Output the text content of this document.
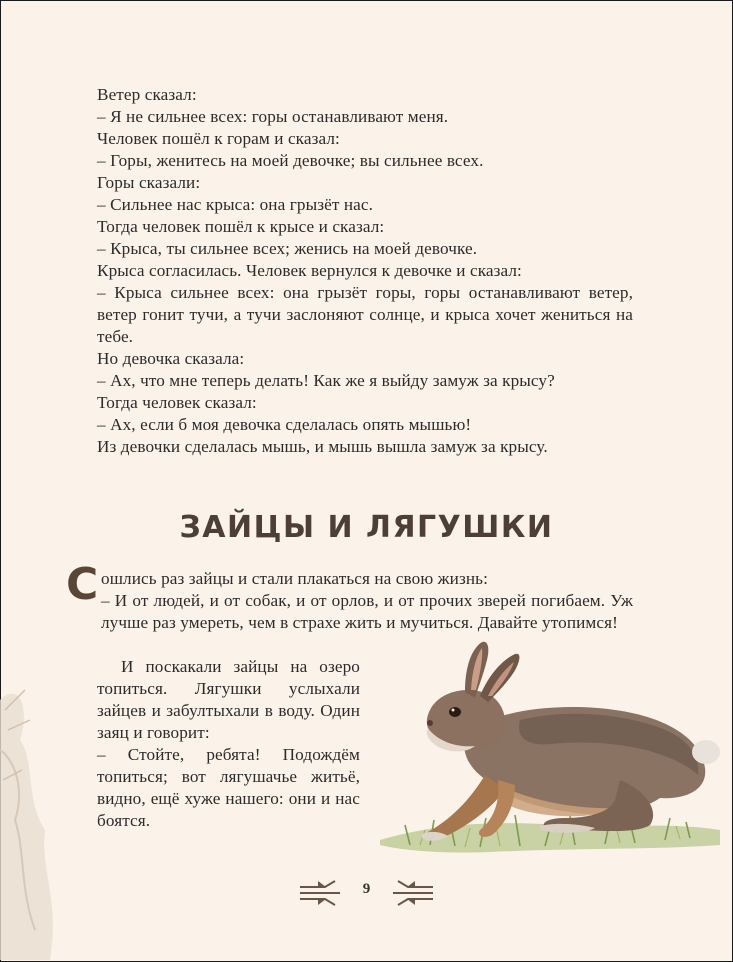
Ветер сказал:
– Я не сильнее всех: горы останавливают меня.
Человек пошёл к горам и сказал:
– Горы, женитесь на моей девочке; вы сильнее всех.
Горы сказали:
– Сильнее нас крыса: она грызёт нас.
Тогда человек пошёл к крысе и сказал:
– Крыса, ты сильнее всех; женись на моей девочке.
Крыса согласилась. Человек вернулся к девочке и сказал:
– Крыса сильнее всех: она грызёт горы, горы останавливают ветер, ветер гонит тучи, а тучи заслоняют солнце, и крыса хочет жениться на тебе.
Но девочка сказала:
– Ах, что мне теперь делать! Как же я выйду замуж за крысу?
Тогда человек сказал:
– Ах, если б моя девочка сделалась опять мышью!
Из девочки сделалась мышь, и мышь вышла замуж за крысу.
ЗАЙЦЫ И ЛЯГУШКИ
С ошлись раз зайцы и стали плакаться на свою жизнь:
– И от людей, и от собак, и от орлов, и от прочих зверей погибаем. Уж лучше раз умереть, чем в страхе жить и мучиться. Давайте утопимся!
И поскакали зайцы на озеро топиться. Лягушки услыхали зайцев и забултыхали в воду. Один заяц и говорит:
– Стойте, ребята! Подождём топиться; вот лягушачье житьё, видно, ещё хуже нашего: они и нас боятся.
9
